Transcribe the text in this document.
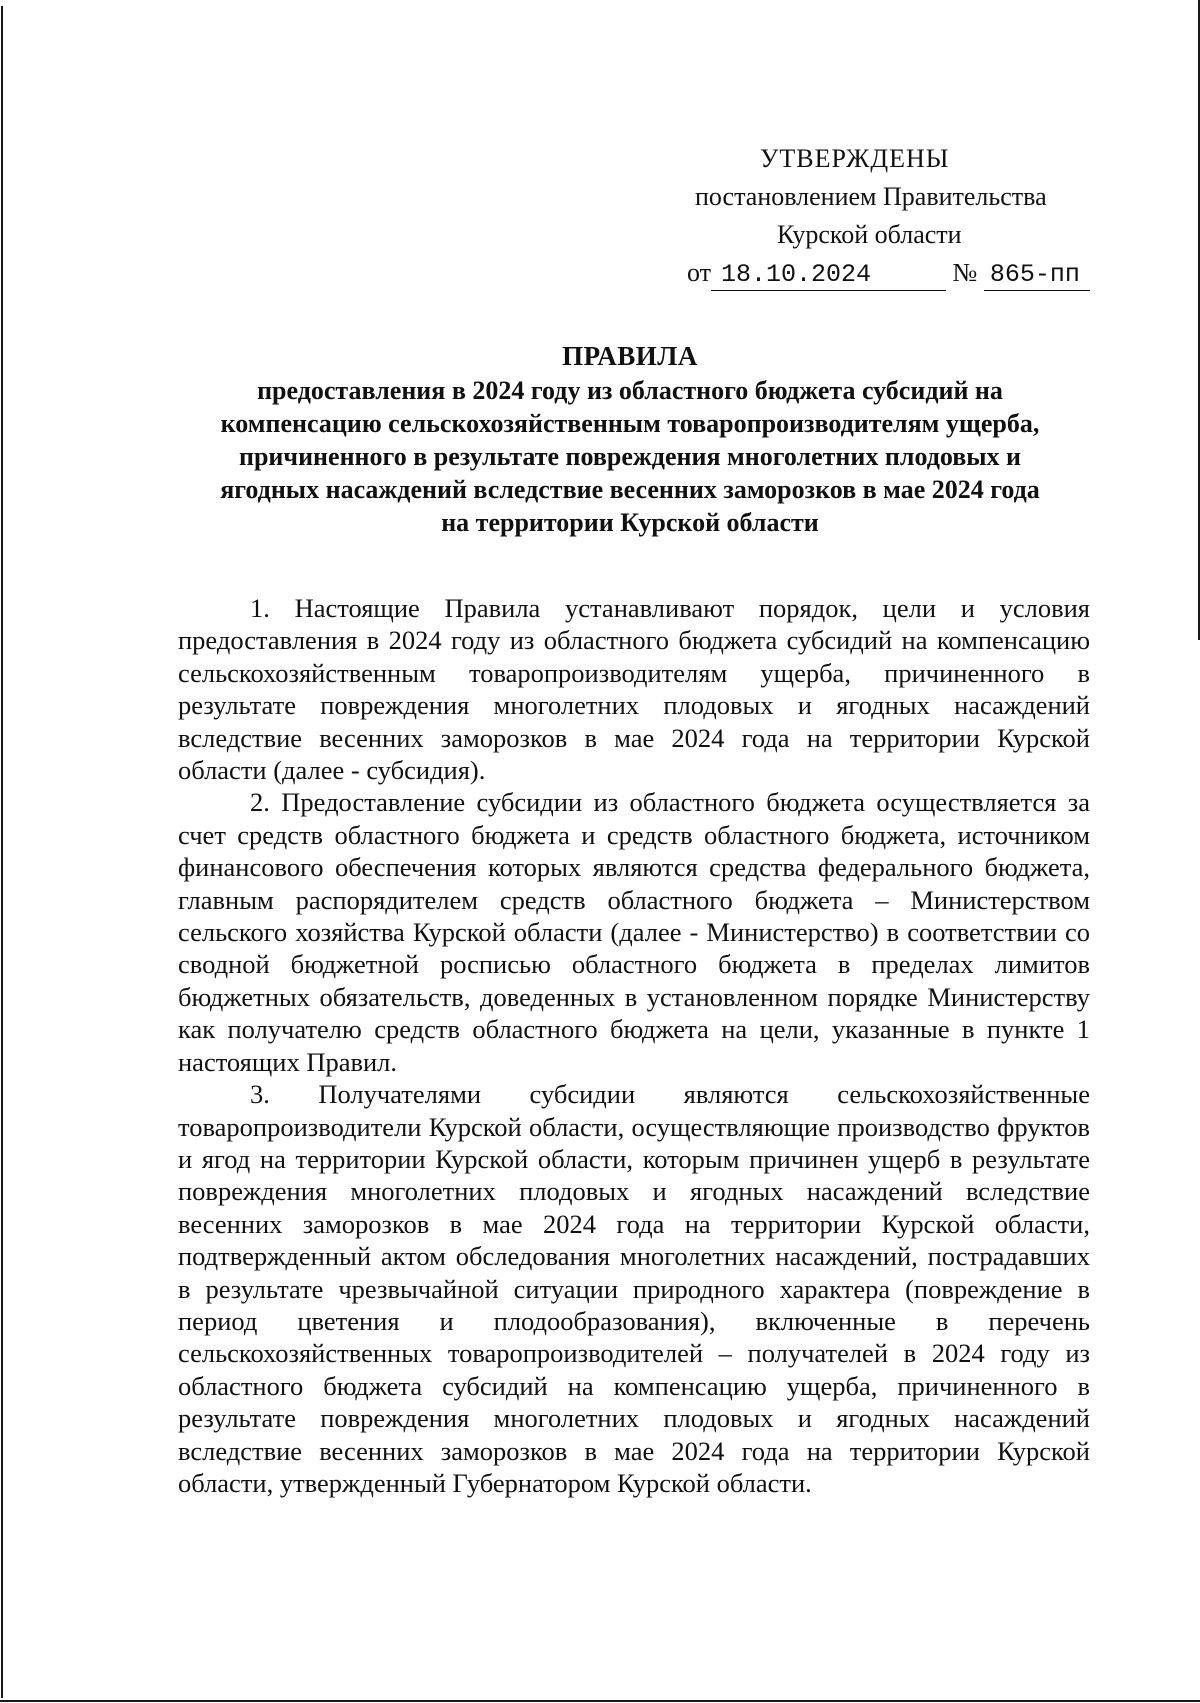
УТВЕРЖДЕНЫ
постановлением Правительства
Курской области
от 18.10.2024	№ 865-пп
ПРАВИЛА
предоставления в 2024 году из областного бюджета субсидий на
компенсацию сельскохозяйственным товаропроизводителям ущерба,
причиненного в результате повреждения многолетних плодовых и
ягодных насаждений вследствие весенних заморозков в мае 2024 года
на территории Курской области

1. Настоящие Правила устанавливают порядок, цели и условия предоставления в 2024 году из областного бюджета субсидий на компенсацию сельскохозяйственным товаропроизводителям ущерба, причиненного в результате повреждения многолетних плодовых и ягодных насаждений вследствие весенних заморозков в мае 2024 года на территории Курской области (далее - субсидия).

2. Предоставление субсидии из областного бюджета осуществляется за счет средств областного бюджета и средств областного бюджета, источником финансового обеспечения которых являются средства федерального бюджета, главным распорядителем средств областного бюджета – Министерством сельского хозяйства Курской области (далее - Министерство) в соответствии со сводной бюджетной росписью областного бюджета в пределах лимитов бюджетных обязательств, доведенных в установленном порядке Министерству как получателю средств областного бюджета на цели, указанные в пункте 1 настоящих Правил.

3. Получателями субсидии являются сельскохозяйственные товаропроизводители Курской области, осуществляющие производство фруктов и ягод на территории Курской области, которым причинен ущерб в результате повреждения многолетних плодовых и ягодных насаждений вследствие весенних заморозков в мае 2024 года на территории Курской области, подтвержденный актом обследования многолетних насаждений, пострадавших в результате чрезвычайной ситуации природного характера (повреждение в период цветения и плодообразования), включенные в перечень сельскохозяйственных товаропроизводителей – получателей в 2024 году из областного бюджета субсидий на компенсацию ущерба, причиненного в результате повреждения многолетних плодовых и ягодных насаждений вследствие весенних заморозков в мае 2024 года на территории Курской области, утвержденный Губернатором Курской области.
